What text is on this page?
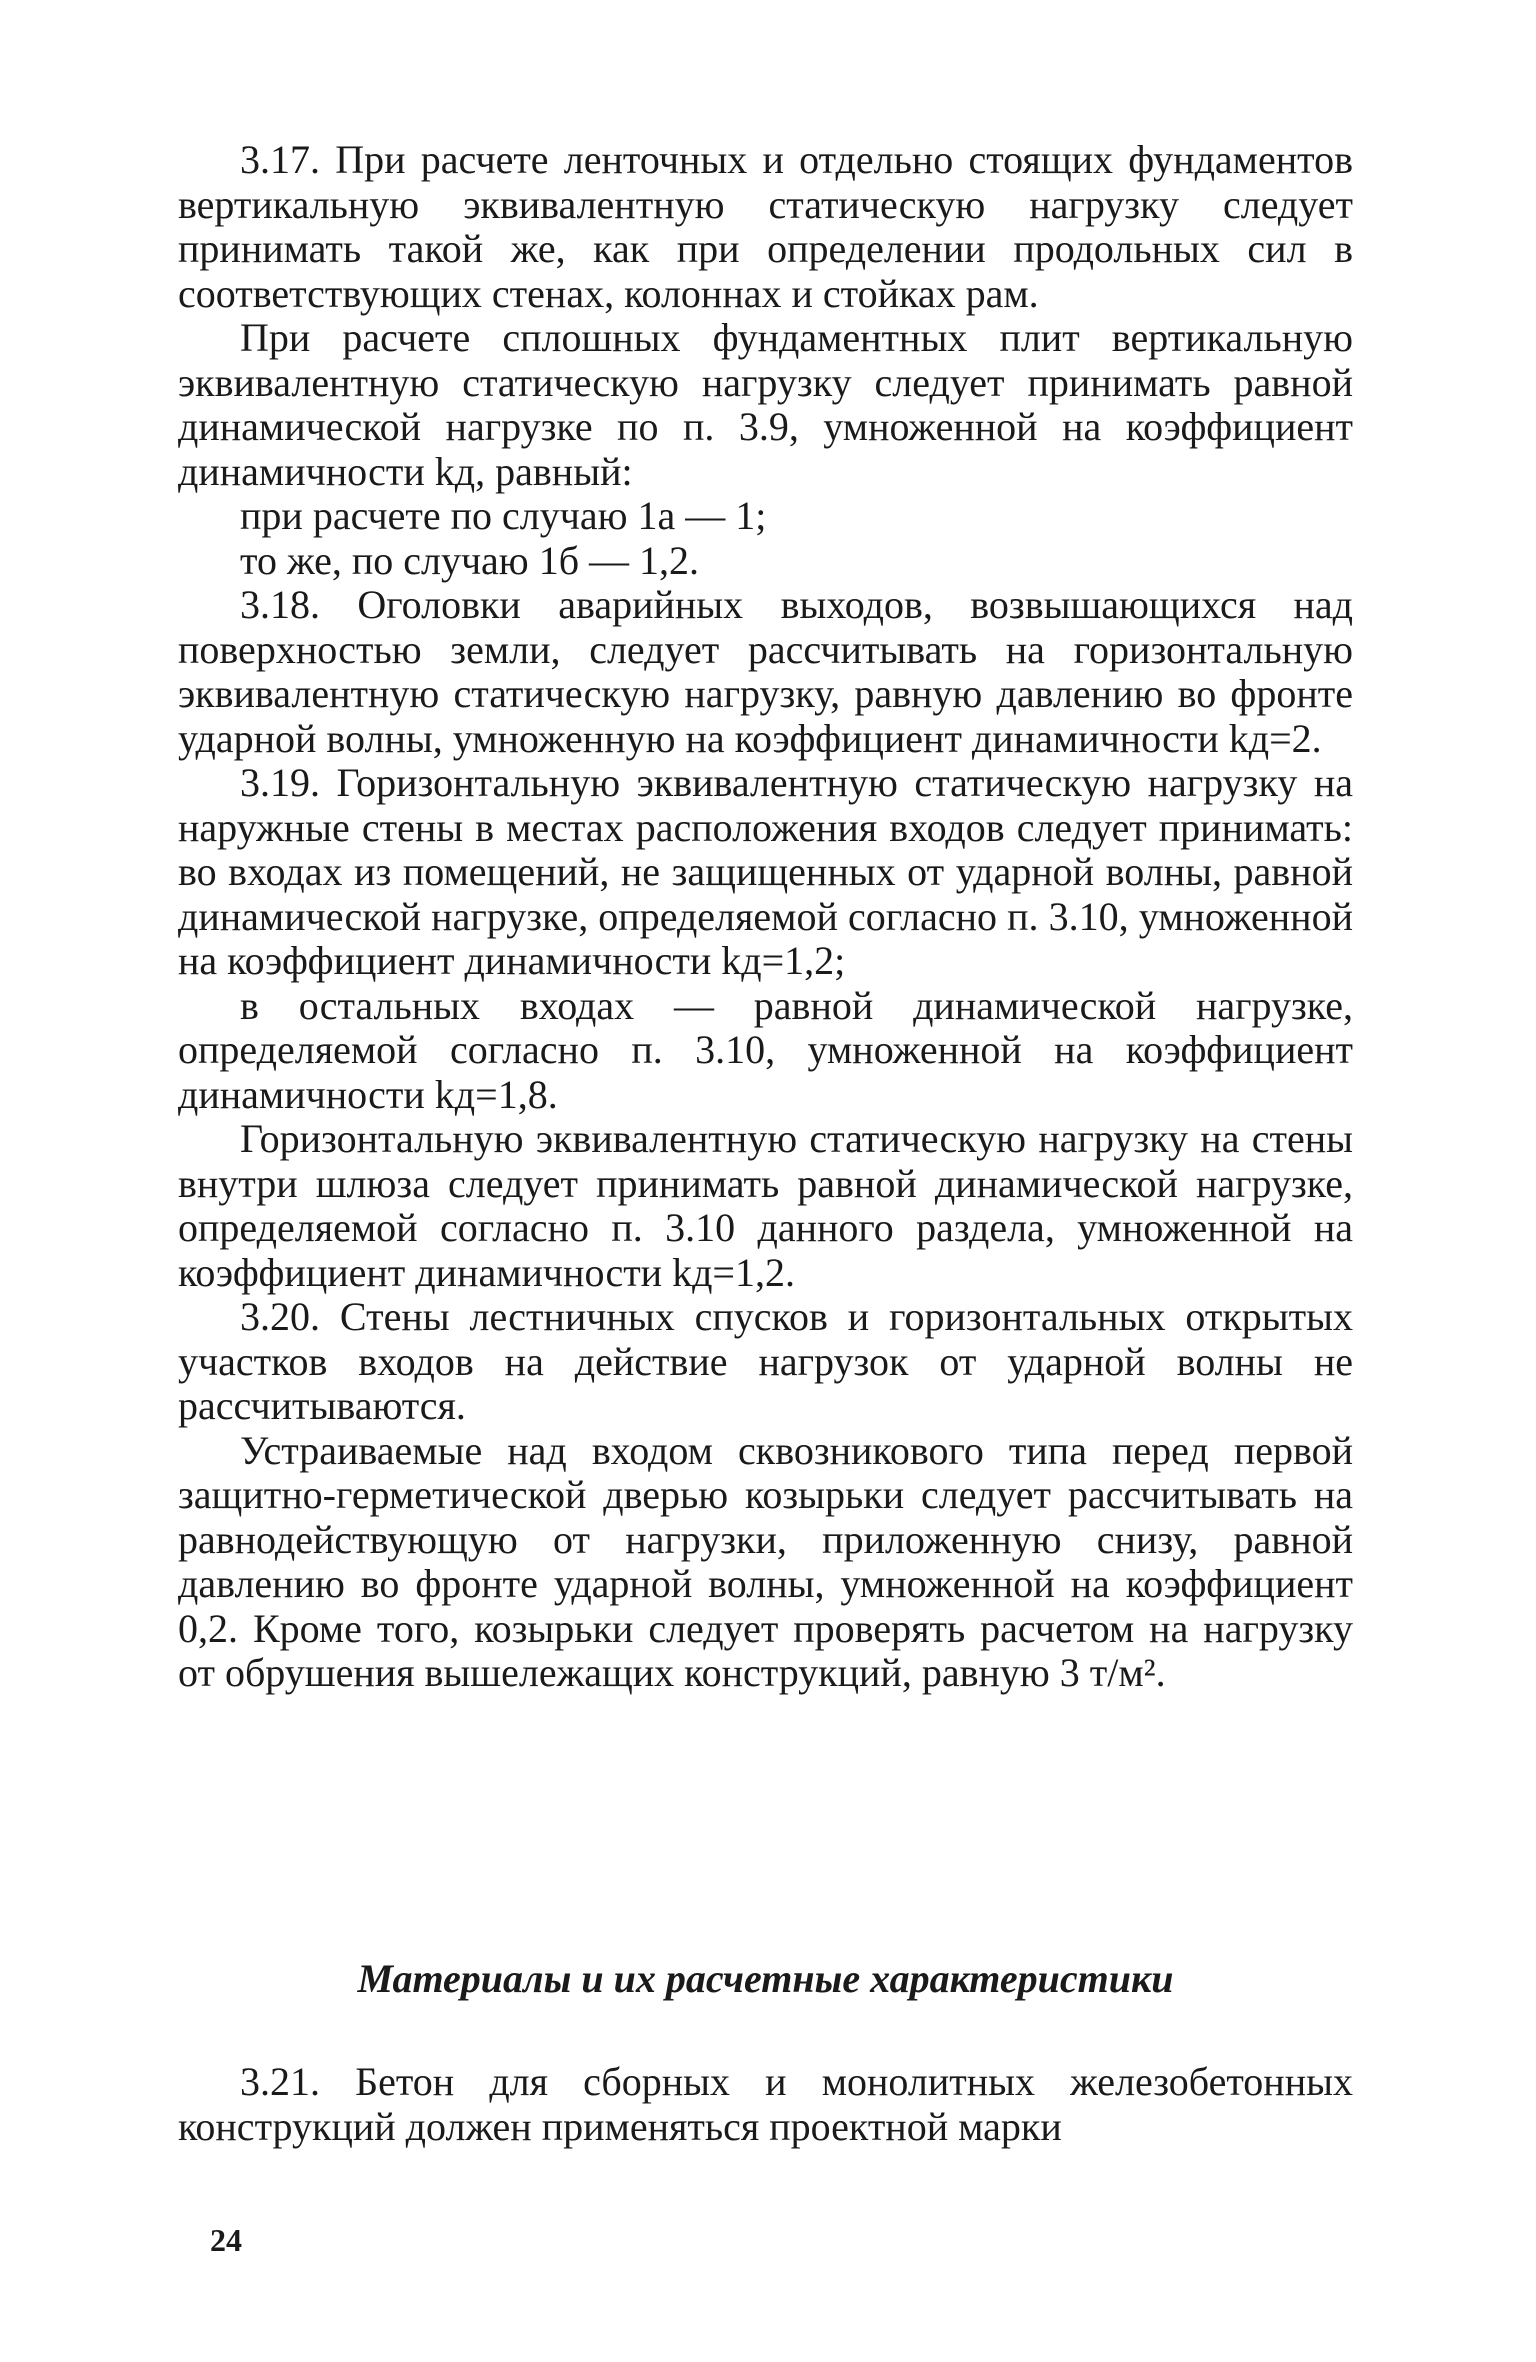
3.17. При расчете ленточных и отдельно стоящих фундаментов вертикальную эквивалентную статическую нагрузку следует принимать такой же, как при определении продольных сил в соответствующих стенах, колоннах и стойках рам.

При расчете сплошных фундаментных плит вертикальную эквивалентную статическую нагрузку следует принимать равной динамической нагрузке по п. 3.9, умноженной на коэффициент динамичности kд, равный:

при расчете по случаю 1а — 1;

то же, по случаю 1б — 1,2.

3.18. Оголовки аварийных выходов, возвышающихся над поверхностью земли, следует рассчитывать на горизонтальную эквивалентную статическую нагрузку, равную давлению во фронте ударной волны, умноженную на коэффициент динамичности kд=2.

3.19. Горизонтальную эквивалентную статическую нагрузку на наружные стены в местах расположения входов следует принимать: во входах из помещений, не защищенных от ударной волны, равной динамической нагрузке, определяемой согласно п. 3.10, умноженной на коэффициент динамичности kд=1,2;

в остальных входах — равной динамической нагрузке, определяемой согласно п. 3.10, умноженной на коэффициент динамичности kд=1,8.

Горизонтальную эквивалентную статическую нагрузку на стены внутри шлюза следует принимать равной динамической нагрузке, определяемой согласно п. 3.10 данного раздела, умноженной на коэффициент динамичности kд=1,2.

3.20. Стены лестничных спусков и горизонтальных открытых участков входов на действие нагрузок от ударной волны не рассчитываются.

Устраиваемые над входом сквозникового типа перед первой защитно-герметической дверью козырьки следует рассчитывать на равнодействующую от нагрузки, приложенную снизу, равной давлению во фронте ударной волны, умноженной на коэффициент 0,2. Кроме того, козырьки следует проверять расчетом на нагрузку от обрушения вышележащих конструкций, равную 3 т/м².

Материалы и их расчетные характеристики

3.21. Бетон для сборных и монолитных железобетонных конструкций должен применяться проектной марки

24
